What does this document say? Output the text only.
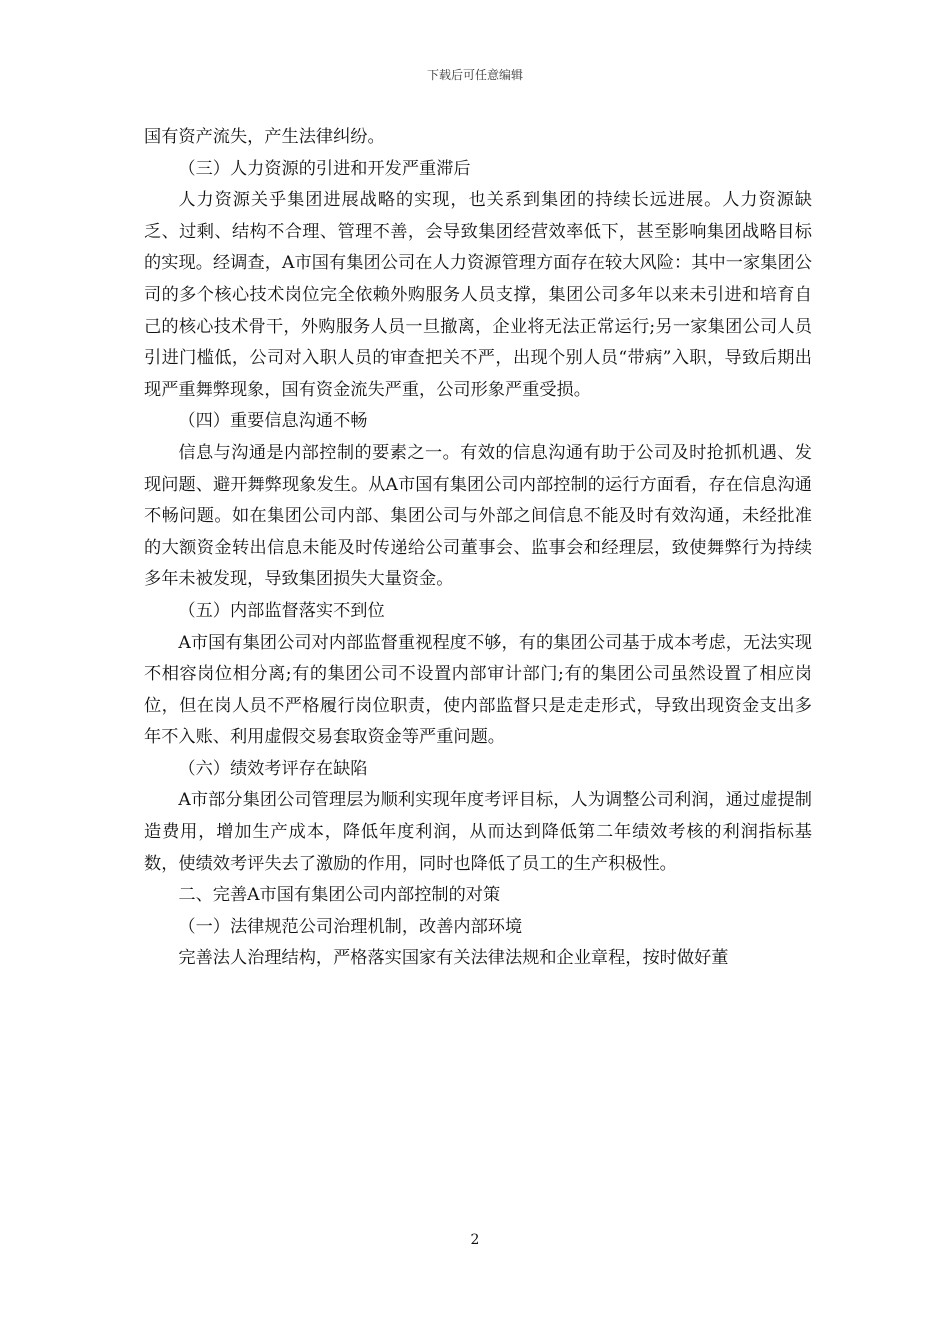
下载后可任意编辑

国有资产流失，产生法律纠纷。

（三）人力资源的引进和开发严重滞后

人力资源关乎集团进展战略的实现，也关系到集团的持续长远进展。人力资源缺乏、过剩、结构不合理、管理不善，会导致集团经营效率低下，甚至影响集团战略目标的实现。经调查，A市国有集团公司在人力资源管理方面存在较大风险：其中一家集团公司的多个核心技术岗位完全依赖外购服务人员支撑，集团公司多年以来未引进和培育自己的核心技术骨干，外购服务人员一旦撤离，企业将无法正常运行;另一家集团公司人员引进门槛低，公司对入职人员的审查把关不严，出现个别人员“带病”入职，导致后期出现严重舞弊现象，国有资金流失严重，公司形象严重受损。

（四）重要信息沟通不畅

信息与沟通是内部控制的要素之一。有效的信息沟通有助于公司及时抢抓机遇、发现问题、避开舞弊现象发生。从A市国有集团公司内部控制的运行方面看，存在信息沟通不畅问题。如在集团公司内部、集团公司与外部之间信息不能及时有效沟通，未经批准的大额资金转出信息未能及时传递给公司董事会、监事会和经理层，致使舞弊行为持续多年未被发现，导致集团损失大量资金。

（五）内部监督落实不到位

A市国有集团公司对内部监督重视程度不够，有的集团公司基于成本考虑，无法实现不相容岗位相分离;有的集团公司不设置内部审计部门;有的集团公司虽然设置了相应岗位，但在岗人员不严格履行岗位职责，使内部监督只是走走形式，导致出现资金支出多年不入账、利用虚假交易套取资金等严重问题。

（六）绩效考评存在缺陷

A市部分集团公司管理层为顺利实现年度考评目标，人为调整公司利润，通过虚提制造费用，增加生产成本，降低年度利润，从而达到降低第二年绩效考核的利润指标基数，使绩效考评失去了激励的作用，同时也降低了员工的生产积极性。

二、完善A市国有集团公司内部控制的对策

（一）法律规范公司治理机制，改善内部环境

完善法人治理结构，严格落实国家有关法律法规和企业章程，按时做好董

2
